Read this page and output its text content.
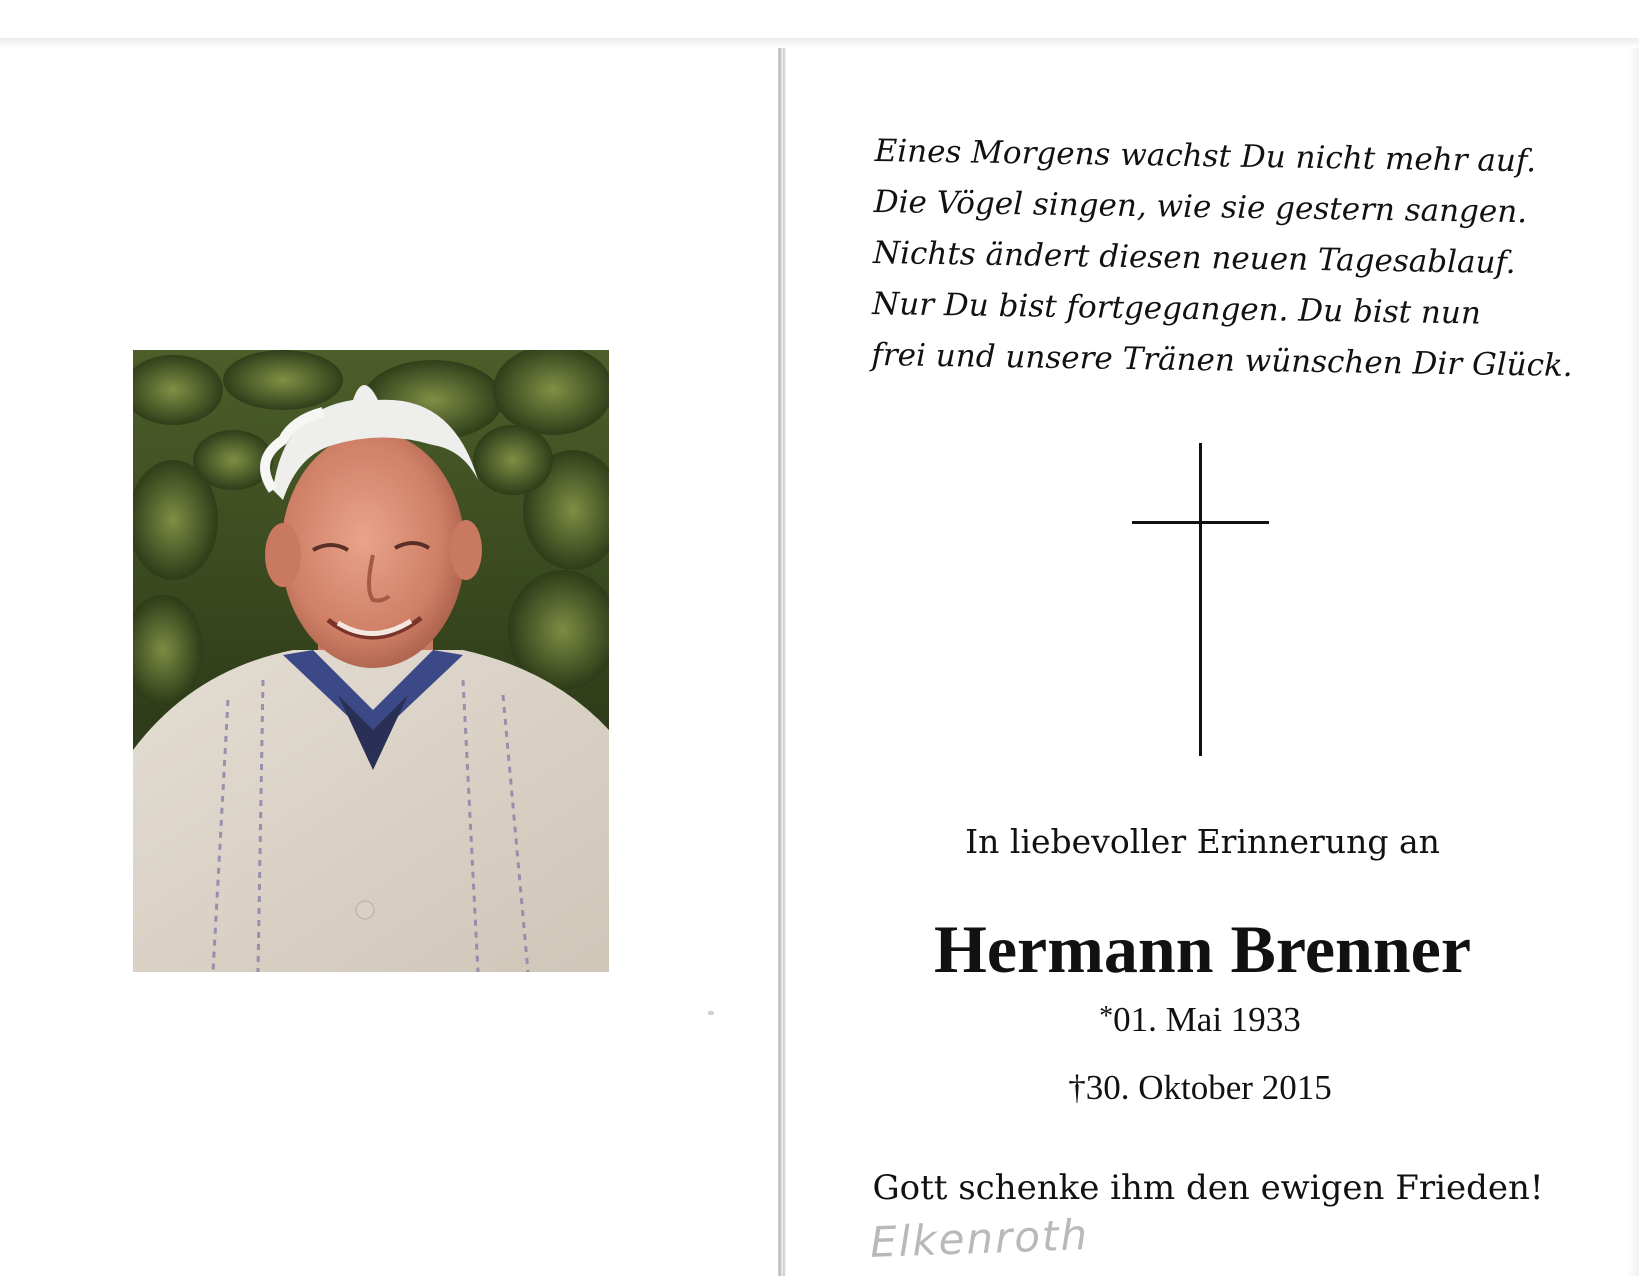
Eines Morgens wachst Du nicht mehr auf.
Die Vögel singen, wie sie gestern sangen.
Nichts ändert diesen neuen Tagesablauf.
Nur Du bist fortgegangen. Du bist nun
frei und unsere Tränen wünschen Dir Glück.
In liebevoller Erinnerung an
Hermann Brenner
*01. Mai 1933
†30. Oktober 2015
Gott schenke ihm den ewigen Frieden!
Elkenroth
